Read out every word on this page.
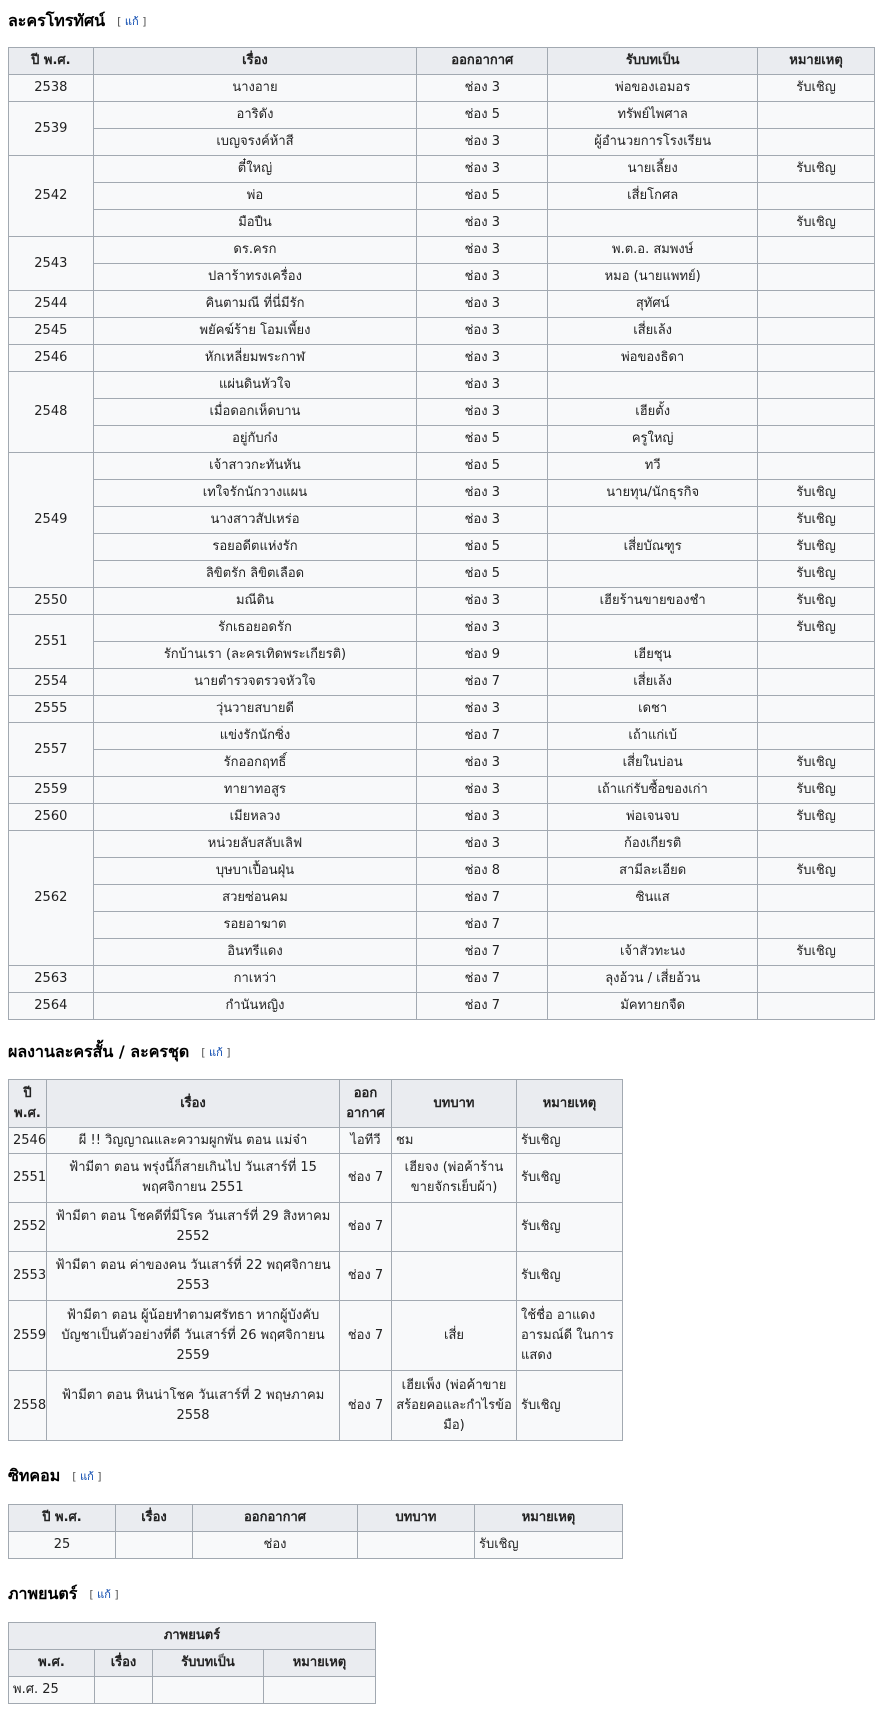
ละครโทรทัศน์ [ แก้ ]
ปี พ.ศ.	เรื่อง	ออกอากาศ	รับบทเป็น	หมายเหตุ
2538	นางอาย	ช่อง 3	พ่อของเอมอร	รับเชิญ
2539	อาริดัง	ช่อง 5	ทรัพย์ไพศาล	
	เบญจรงค์ห้าสี	ช่อง 3	ผู้อำนวยการโรงเรียน	
2542	ตี๋ใหญ่	ช่อง 3	นายเลี้ยง	รับเชิญ
	พ่อ	ช่อง 5	เสี่ยโกศล	
	มือปืน	ช่อง 3		รับเชิญ
2543	ดร.ครก	ช่อง 3	พ.ต.อ. สมพงษ์	
	ปลาร้าทรงเครื่อง	ช่อง 3	หมอ (นายแพทย์)	
2544	คินตามณี ที่นี่มีรัก	ช่อง 3	สุทัศน์	
2545	พยัคฆ์ร้าย โอมเพี้ยง	ช่อง 3	เสี่ยเล้ง	
2546	หักเหลี่ยมพระกาฬ	ช่อง 3	พ่อของธิดา	
2548	แผ่นดินหัวใจ	ช่อง 3		
	เมื่อดอกเห็ดบาน	ช่อง 3	เฮียตั้ง	
	อยู่กับก๋ง	ช่อง 5	ครูใหญ่	
2549	เจ้าสาวกะทันหัน	ช่อง 5	ทวี	
	เทใจรักนักวางแผน	ช่อง 3	นายทุน/นักธุรกิจ	รับเชิญ
	นางสาวสัปเหร่อ	ช่อง 3		รับเชิญ
	รอยอดีตแห่งรัก	ช่อง 5	เสี่ยบัณฑูร	รับเชิญ
	ลิขิตรัก ลิขิตเลือด	ช่อง 5		รับเชิญ
2550	มณีดิน	ช่อง 3	เฮียร้านขายของชำ	รับเชิญ
2551	รักเธอยอดรัก	ช่อง 3		รับเชิญ
	รักบ้านเรา (ละครเทิดพระเกียรติ)	ช่อง 9	เฮียชุน	
2554	นายตำรวจตรวจหัวใจ	ช่อง 7	เสี่ยเล้ง	
2555	วุ่นวายสบายดี	ช่อง 3	เดชา	
2557	แข่งรักนักซิ่ง	ช่อง 7	เถ้าแก่เบ้	
	รักออกฤทธิ์	ช่อง 3	เสี่ยในบ่อน	รับเชิญ
2559	ทายาทอสูร	ช่อง 3	เถ้าแก่รับซื้อของเก่า	รับเชิญ
2560	เมียหลวง	ช่อง 3	พ่อเจนจบ	รับเชิญ
2562	หน่วยลับสลับเลิฟ	ช่อง 3	ก้องเกียรติ	
	บุษบาเปื้อนฝุ่น	ช่อง 8	สามีละเอียด	รับเชิญ
	สวยซ่อนคม	ช่อง 7	ซินแส	
	รอยอาฆาต	ช่อง 7		
	อินทรีแดง	ช่อง 7	เจ้าสัวทะนง	รับเชิญ
2563	กาเหว่า	ช่อง 7	ลุงอ้วน / เสี่ยอ้วน	
2564	กำนันหญิง	ช่อง 7	มัคทายกจืด	
ผลงานละครสั้น / ละครชุด [ แก้ ]
ปี พ.ศ.	เรื่อง	ออกอากาศ	บทบาท	หมายเหตุ
2546	ผี !! วิญญาณและความผูกพัน ตอน แม่จ๋า	ไอทีวี	ชม	รับเชิญ
2551	ฟ้ามีตา ตอน พรุ่งนี้ก็สายเกินไป วันเสาร์ที่ 15 พฤศจิกายน 2551	ช่อง 7	เฮียจง (พ่อค้าร้านขายจักรเย็บผ้า)	รับเชิญ
2552	ฟ้ามีตา ตอน โชคดีที่มีโรค วันเสาร์ที่ 29 สิงหาคม 2552	ช่อง 7		รับเชิญ
2553	ฟ้ามีตา ตอน ค่าของคน วันเสาร์ที่ 22 พฤศจิกายน 2553	ช่อง 7		รับเชิญ
2559	ฟ้ามีตา ตอน ผู้น้อยทำตามศรัทธา หากผู้บังคับบัญชาเป็นตัวอย่างที่ดี วันเสาร์ที่ 26 พฤศจิกายน 2559	ช่อง 7	เสี่ย	ใช้ชื่อ อาแดง อารมณ์ดี ในการแสดง
2558	ฟ้ามีตา ตอน หินน่าโชค วันเสาร์ที่ 2 พฤษภาคม 2558	ช่อง 7	เฮียเพ็ง (พ่อค้าขายสร้อยคอและกำไรข้อมือ)	รับเชิญ
ซิทคอม [ แก้ ]
ปี พ.ศ.	เรื่อง	ออกอากาศ	บทบาท	หมายเหตุ
25		ช่อง		รับเชิญ
ภาพยนตร์ [ แก้ ]
ภาพยนตร์			
พ.ศ.	เรื่อง	รับบทเป็น	หมายเหตุ
พ.ศ. 25			
